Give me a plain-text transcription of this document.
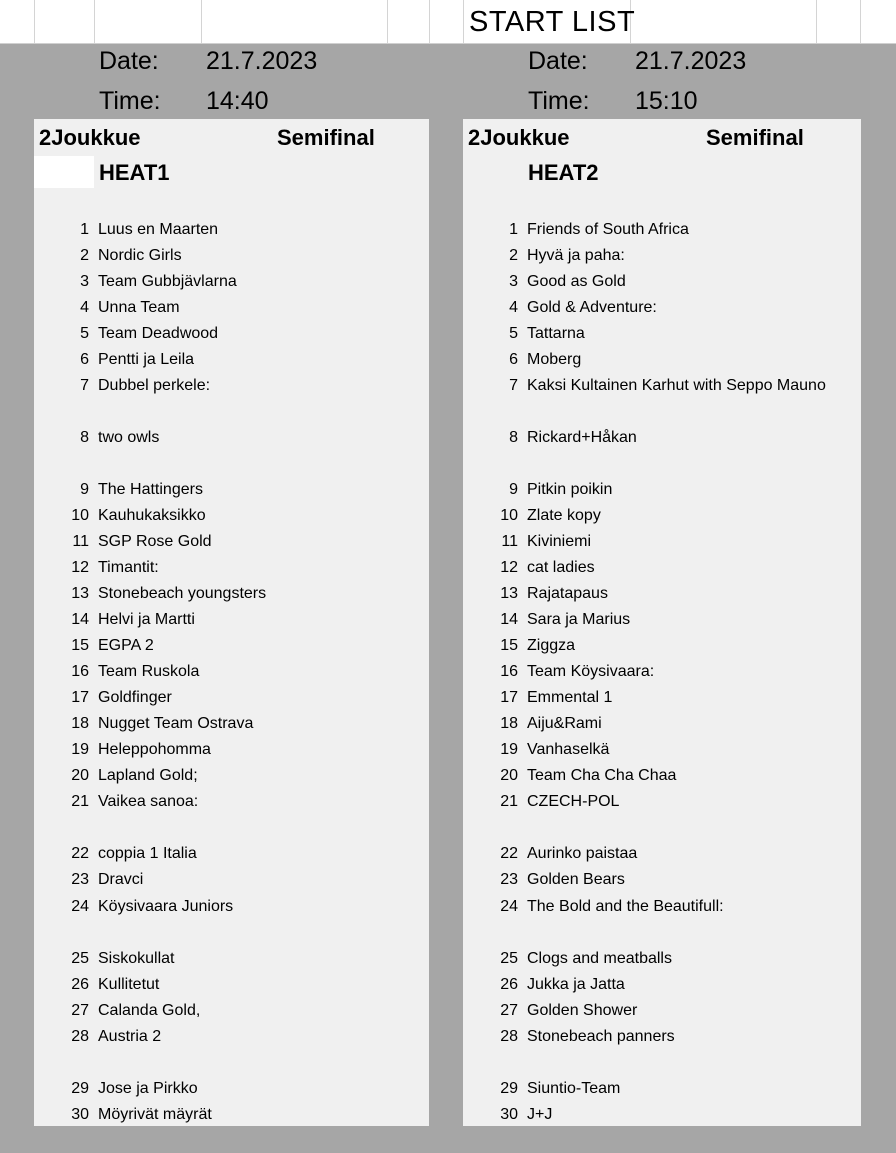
START LIST
Date: 21.7.2023
Time: 14:40
Date: 21.7.2023
Time: 15:10
2Joukkue	Semifinal
HEAT1
1 Luus en Maarten
2 Nordic Girls
3 Team Gubbjävlarna
4 Unna Team
5 Team Deadwood
6 Pentti ja Leila
7 Dubbel perkele:
8 two owls
9 The Hattingers
10 Kauhukaksikko
11 SGP Rose Gold
12 Timantit:
13 Stonebeach youngsters
14 Helvi ja Martti
15 EGPA 2
16 Team Ruskola
17 Goldfinger
18 Nugget Team Ostrava
19 Heleppohomma
20 Lapland Gold;
21 Vaikea sanoa:
22 coppia 1 Italia
23 Dravci
24 Köysivaara Juniors
25 Siskokullat
26 Kullitetut
27 Calanda Gold,
28 Austria 2
29 Jose ja Pirkko
30 Möyrivät mäyrät
2Joukkue	Semifinal
HEAT2
1 Friends of South Africa
2 Hyvä ja paha:
3 Good as Gold
4 Gold & Adventure:
5 Tattarna
6 Moberg
7 Kaksi Kultainen Karhut with Seppo Mauno
8 Rickard+Håkan
9 Pitkin poikin
10 Zlate kopy
11 Kiviniemi
12 cat ladies
13 Rajatapaus
14 Sara ja Marius
15 Ziggza
16 Team Köysivaara:
17 Emmental 1
18 Aiju&Rami
19 Vanhaselkä
20 Team Cha Cha Chaa
21 CZECH-POL
22 Aurinko paistaa
23 Golden Bears
24 The Bold and the Beautifull:
25 Clogs and meatballs
26 Jukka ja Jatta
27 Golden Shower
28 Stonebeach panners
29 Siuntio-Team
30 J+J
